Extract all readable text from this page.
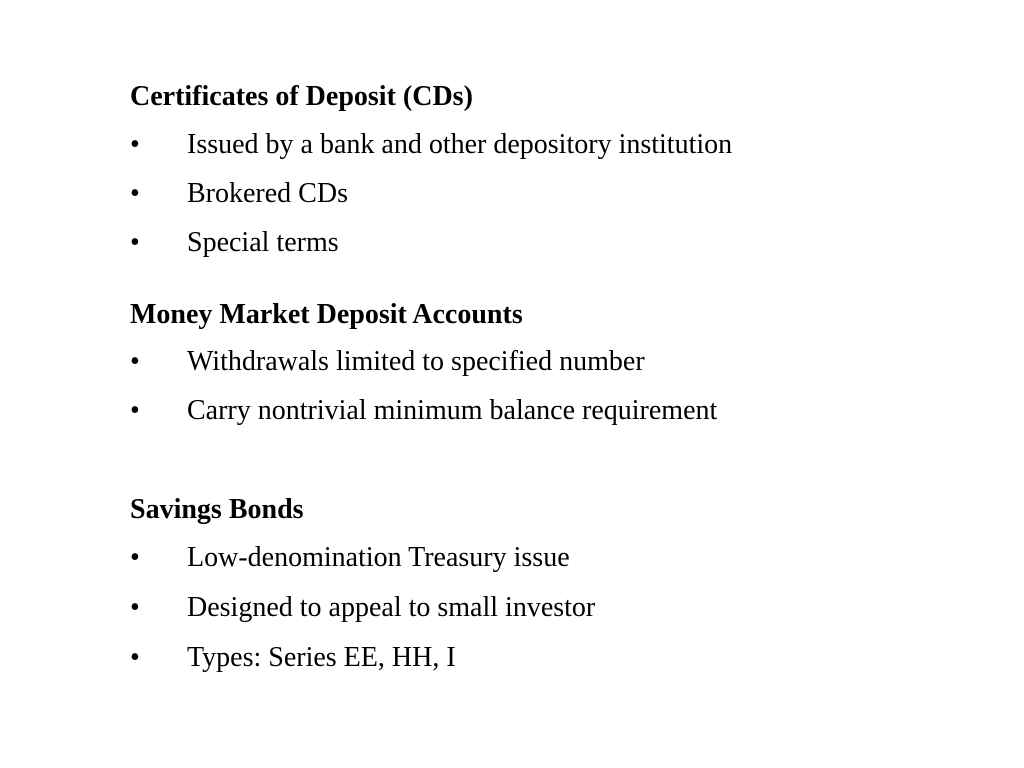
Certificates of Deposit (CDs)
• Issued by a bank and other depository institution
• Brokered CDs
• Special terms
Money Market Deposit Accounts
• Withdrawals limited to specified number
• Carry nontrivial minimum balance requirement
Savings Bonds
• Low-denomination Treasury issue
• Designed to appeal to small investor
• Types: Series EE, HH, I
